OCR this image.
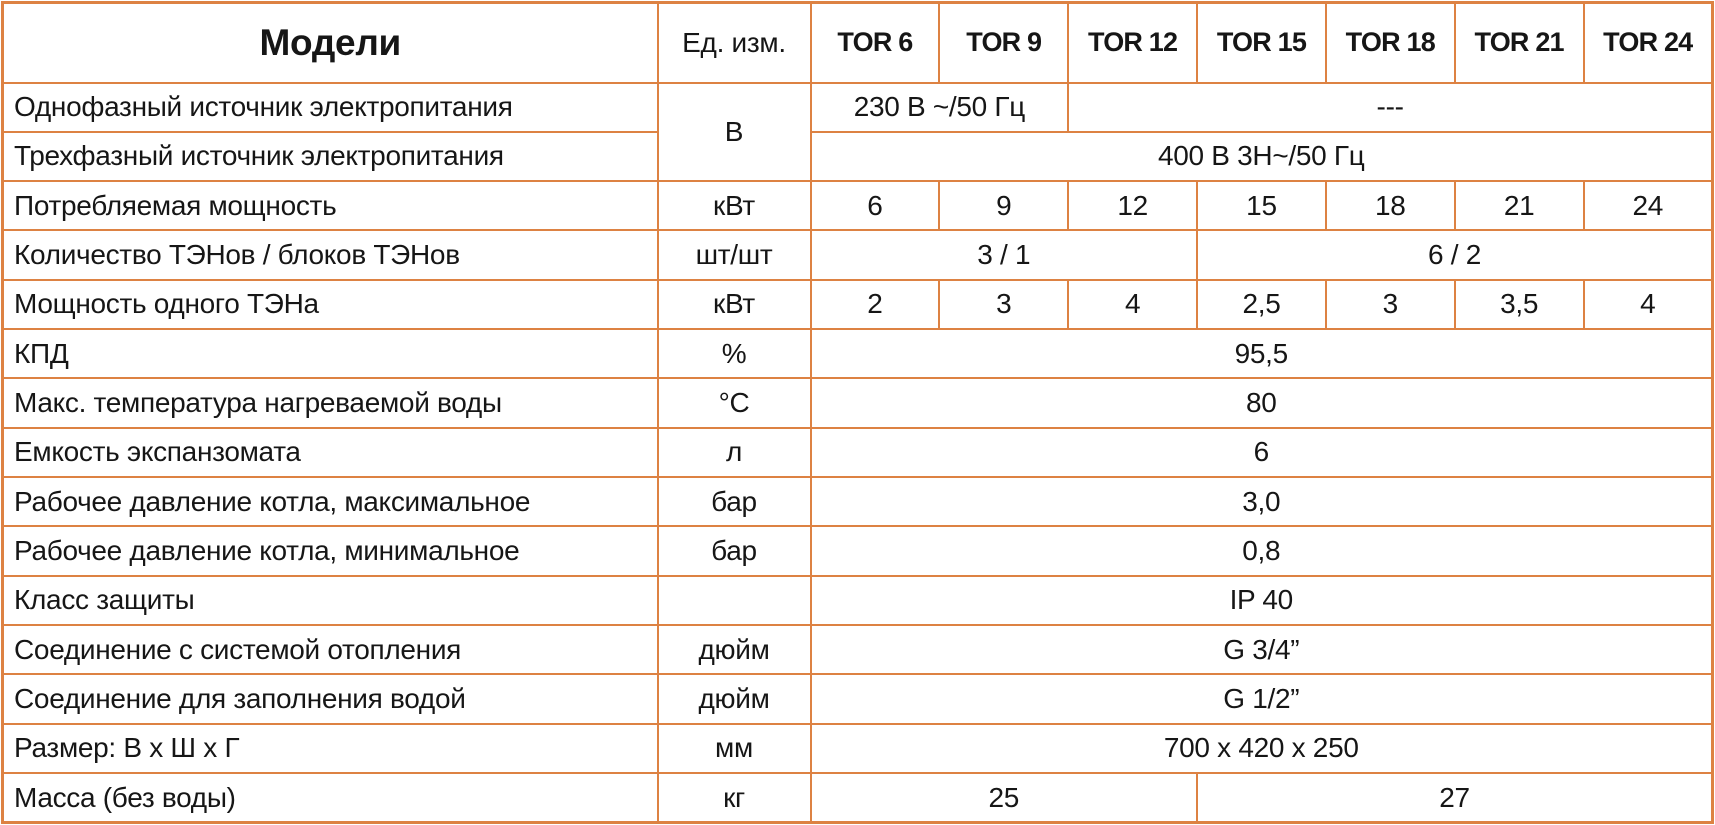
Модели	Ед. изм.	TOR 6	TOR 9	TOR 12	TOR 15	TOR 18	TOR 21	TOR 24
Однофазный источник электропитания	В	230 В ~/50 Гц		---				
Трехфазный источник электропитания		400 В 3Н~/50 Гц						
Потребляемая мощность	кВт	6	9	12	15	18	21	24
Количество ТЭНов / блоков ТЭНов	шт/шт	3 / 1			6 / 2			
Мощность одного ТЭНа	кВт	2	3	4	2,5	3	3,5	4
КПД	%	95,5						
Макс. температура нагреваемой воды	°С	80						
Емкость экспанзомата	л	6						
Рабочее давление котла, максимальное	бар	3,0						
Рабочее давление котла, минимальное	бар	0,8						
Класс защиты		IP 40						
Соединение с системой отопления	дюйм	G 3/4”						
Соединение для заполнения водой	дюйм	G 1/2”						
Размер: В х Ш х Г	мм	700 х 420 х 250						
Масса (без воды)	кг	25			27			
